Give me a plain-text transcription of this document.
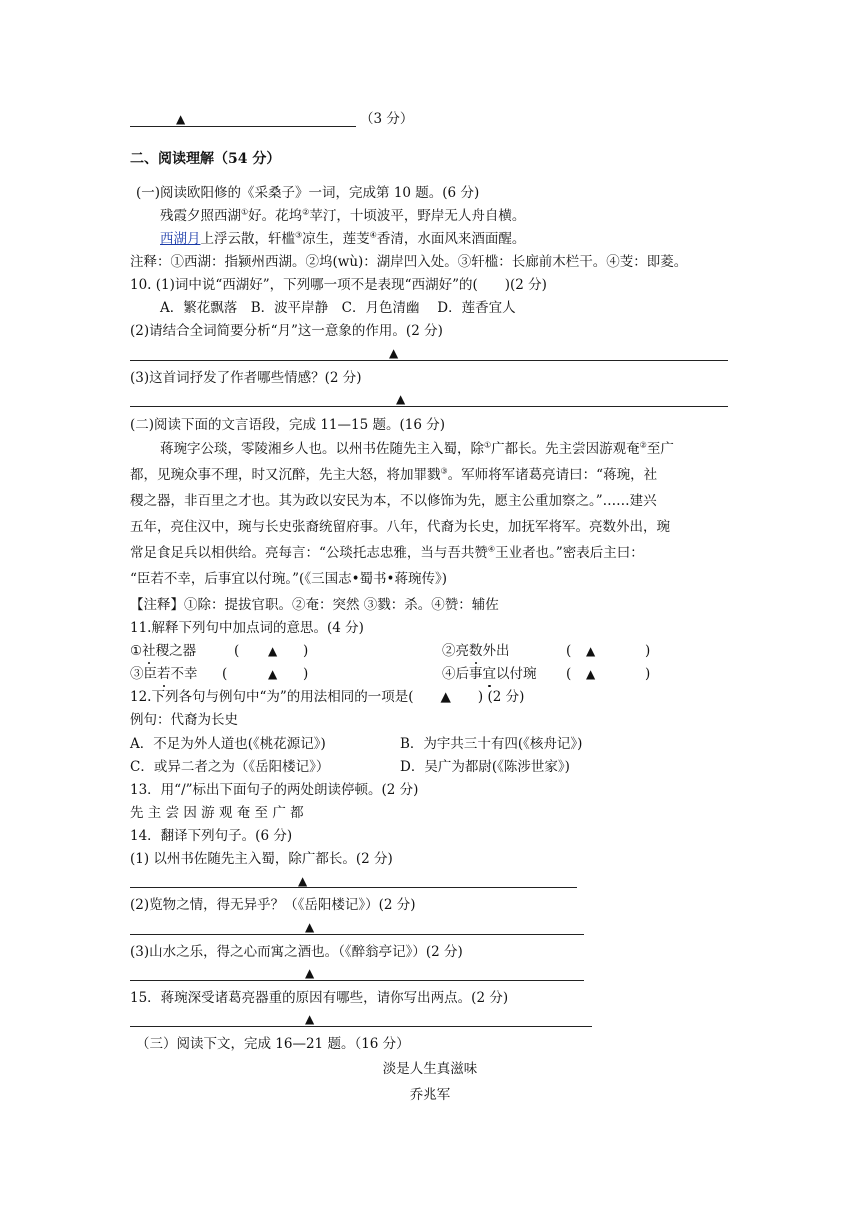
▲	（3 分）
二、阅读理解（54 分）
(一)阅读欧阳修的《采桑子》一词，完成第 10 题。(6 分)
残霞夕照西湖①好。花坞②苹汀，十顷波平，野岸无人舟自横。
西湖月上浮云散，轩槛③凉生，莲芰④香清，水面风来酒面醒。
注释：①西湖：指颍州西湖。②坞(wù)：湖岸凹入处。③轩槛：长廊前木栏干。④芰：即菱。
10. (1)词中说“西湖好”，下列哪一项不是表现“西湖好”的(　　)(2 分)
A．繁花飘落　B．波平岸静　C．月色清幽　 D．莲香宜人
(2)请结合全词简要分析“月”这一意象的作用。(2 分)
▲
(3)这首词抒发了作者哪些情感？(2 分)
▲
(二)阅读下面的文言语段，完成 11—15 题。(16 分)
蒋琬字公琰，零陵湘乡人也。以州书佐随先主入蜀，除①广都长。先主尝因游观奄②至广
都，见琬众事不理，时又沉醉，先主大怒，将加罪戮③。军师将军诸葛亮请曰：“蒋琬，社
稷之器，非百里之才也。其为政以安民为本，不以修饰为先，愿主公重加察之。”……建兴
五年，亮住汉中，琬与长史张裔统留府事。八年，代裔为长史，加抚军将军。亮数外出，琬
常足食足兵以相供给。亮每言：“公琰托志忠雅，当与吾共赞④王业者也。”密表后主曰：
“臣若不幸，后事宜以付琬。”(《三国志•蜀书•蒋琬传》)
【注释】①除：提拔官职。②奄：突然 ③戮：杀。④赞：辅佐
11.解释下列句中加点词的意思。(4 分)
①社稷之器	( ▲ )	②亮数外出	( ▲	)
③臣若不幸 (	▲ )	④后事宜以付琬 ( ▲	)
12.下列各句与例句中“为”的用法相同的一项是(　　▲　　) (2 分)
例句：代裔为长史
A．不足为外人道也(《桃花源记》)	B．为宇共三十有四(《核舟记》)
C．或异二者之为（《岳阳楼记》）	D．吴广为都尉(《陈涉世家》)
13．用“/”标出下面句子的两处朗读停顿。(2 分)
先 主 尝 因 游 观 奄 至 广 都
14．翻译下列句子。(6 分)
(1) 以州书佐随先主入蜀，除广都长。(2 分)
▲
(2)览物之情，得无异乎？（《岳阳楼记》）(2 分)
▲
(3)山水之乐，得之心而寓之酒也。（《醉翁亭记》）(2 分)
▲
15．蒋琬深受诸葛亮器重的原因有哪些，请你写出两点。(2 分)
▲
（三）阅读下文，完成 16—21 题。（16 分）
淡是人生真滋味
乔兆军
